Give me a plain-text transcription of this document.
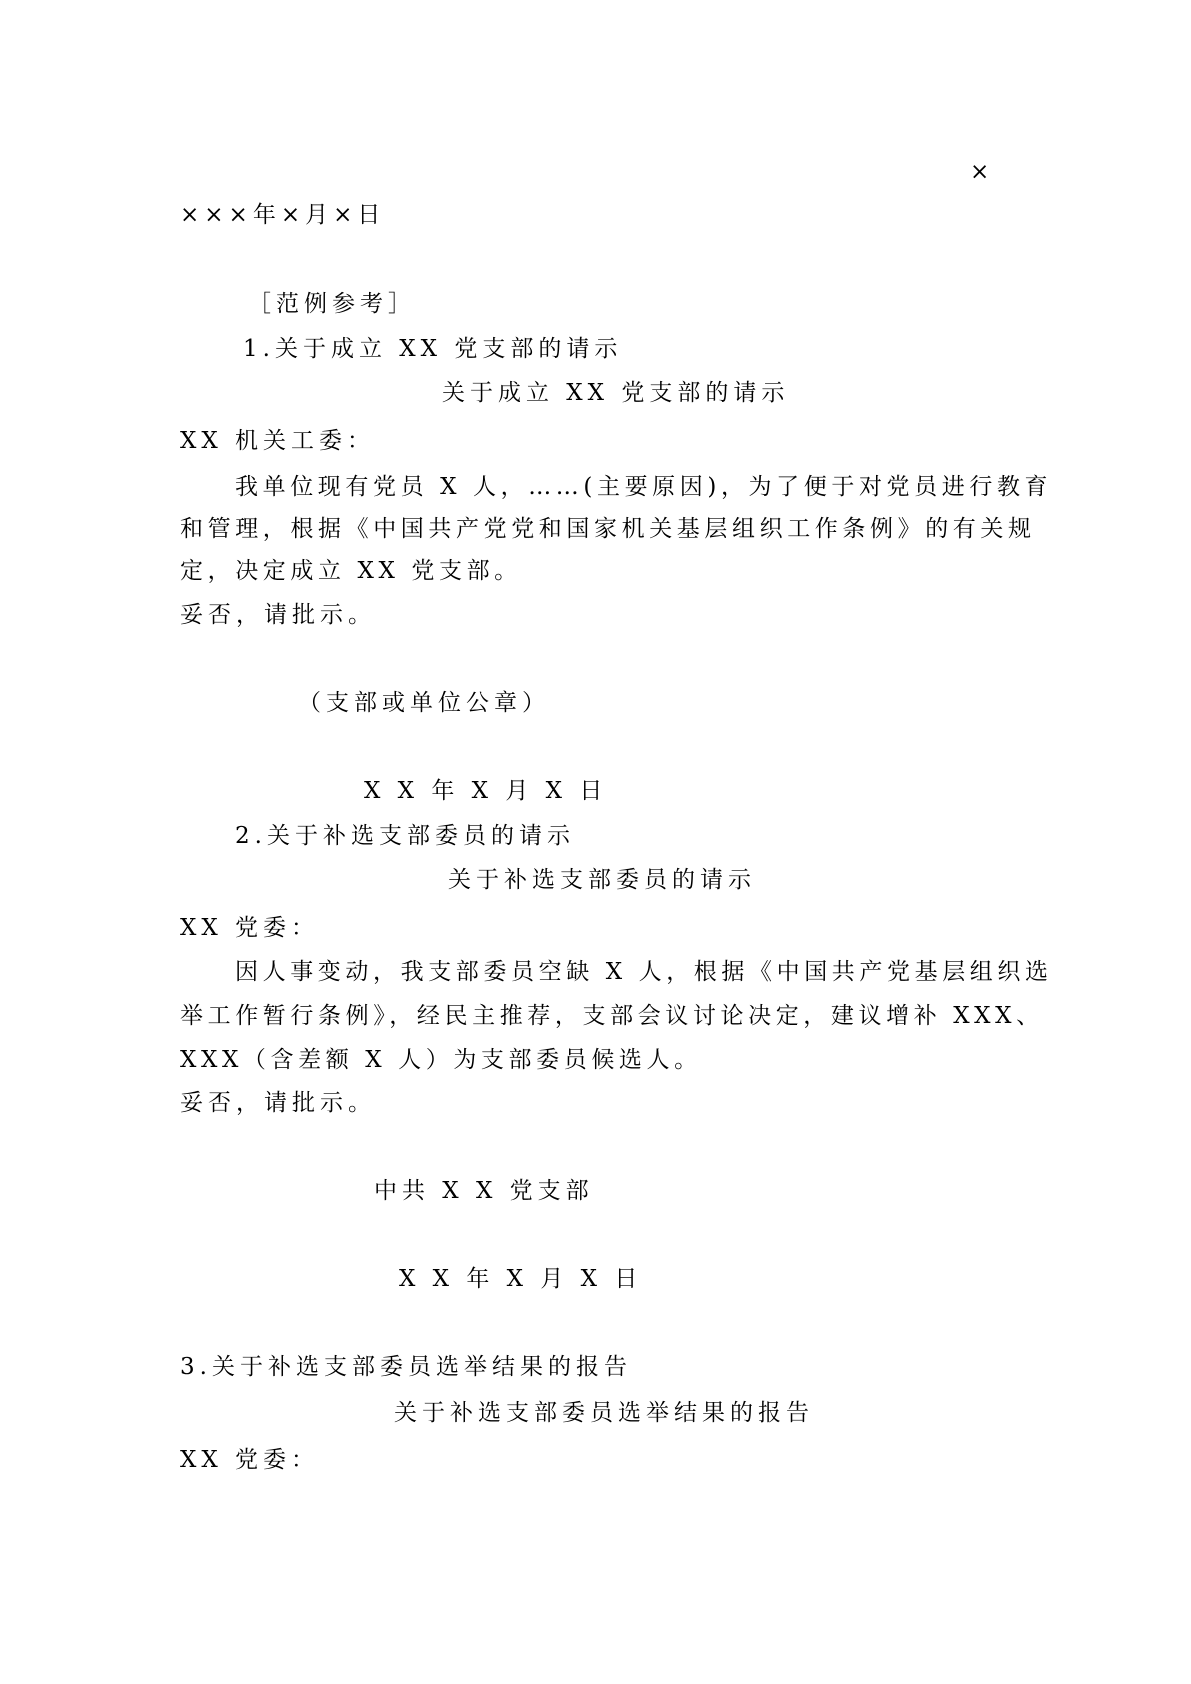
×
×××年×月×日
［范例参考］
1.关于成立 XX 党支部的请示
关于成立 XX 党支部的请示
XX 机关工委：
我单位现有党员 X 人，……(主要原因)，为了便于对党员进行教育
和管理，根据《中国共产党党和国家机关基层组织工作条例》的有关规
定，决定成立 XX 党支部。
妥否，请批示。
（支部或单位公章）
X X 年 X 月 X 日
2.关于补选支部委员的请示
关于补选支部委员的请示
XX 党委：
因人事变动，我支部委员空缺 X 人，根据《中国共产党基层组织选
举工作暂行条例》，经民主推荐，支部会议讨论决定，建议增补 XXX、
XXX（含差额 X 人）为支部委员候选人。
妥否，请批示。
中共 X X 党支部
X X 年 X 月 X 日
3.关于补选支部委员选举结果的报告
关于补选支部委员选举结果的报告
XX 党委：
